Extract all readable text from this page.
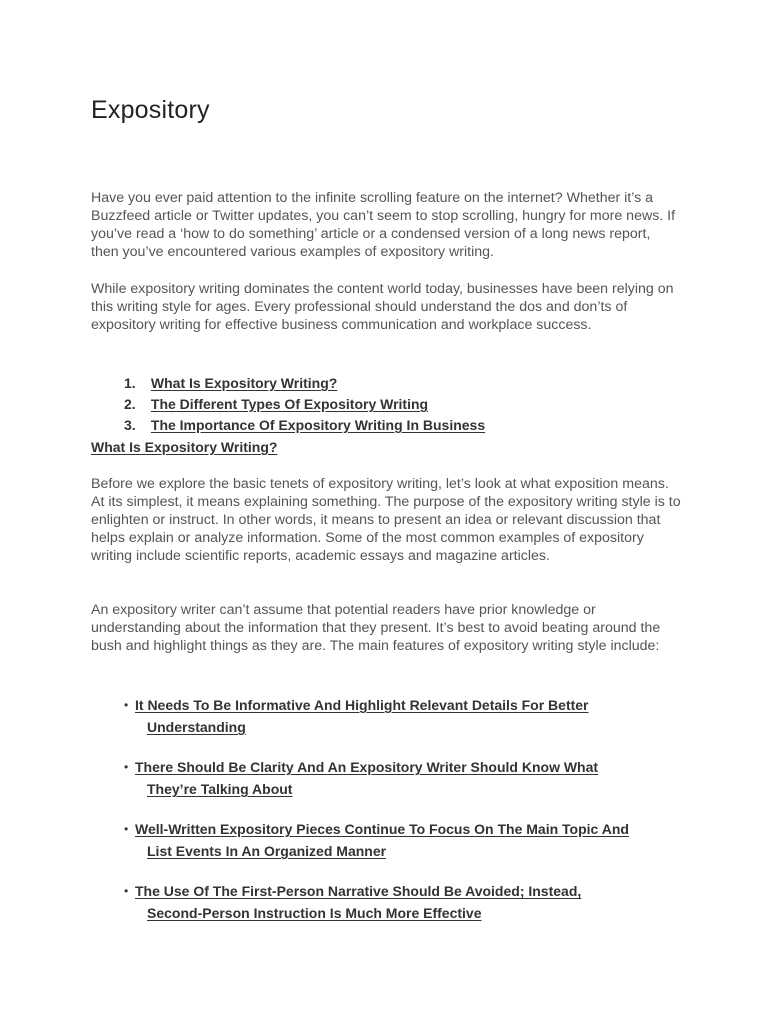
Expository

Have you ever paid attention to the infinite scrolling feature on the internet? Whether it’s a Buzzfeed article or Twitter updates, you can’t seem to stop scrolling, hungry for more news. If you’ve read a ‘how to do something’ article or a condensed version of a long news report, then you’ve encountered various examples of expository writing.

While expository writing dominates the content world today, businesses have been relying on this writing style for ages. Every professional should understand the dos and don’ts of expository writing for effective business communication and workplace success.

1. What Is Expository Writing?
2. The Different Types Of Expository Writing
3. The Importance Of Expository Writing In Business
What Is Expository Writing?

Before we explore the basic tenets of expository writing, let’s look at what exposition means. At its simplest, it means explaining something. The purpose of the expository writing style is to enlighten or instruct. In other words, it means to present an idea or relevant discussion that helps explain or analyze information. Some of the most common examples of expository writing include scientific reports, academic essays and magazine articles.

An expository writer can’t assume that potential readers have prior knowledge or understanding about the information that they present. It’s best to avoid beating around the bush and highlight things as they are. The main features of expository writing style include:

• It Needs To Be Informative And Highlight Relevant Details For Better
Understanding
• There Should Be Clarity And An Expository Writer Should Know What
They’re Talking About
• Well-Written Expository Pieces Continue To Focus On The Main Topic And
List Events In An Organized Manner
• The Use Of The First-Person Narrative Should Be Avoided; Instead,
Second-Person Instruction Is Much More Effective
